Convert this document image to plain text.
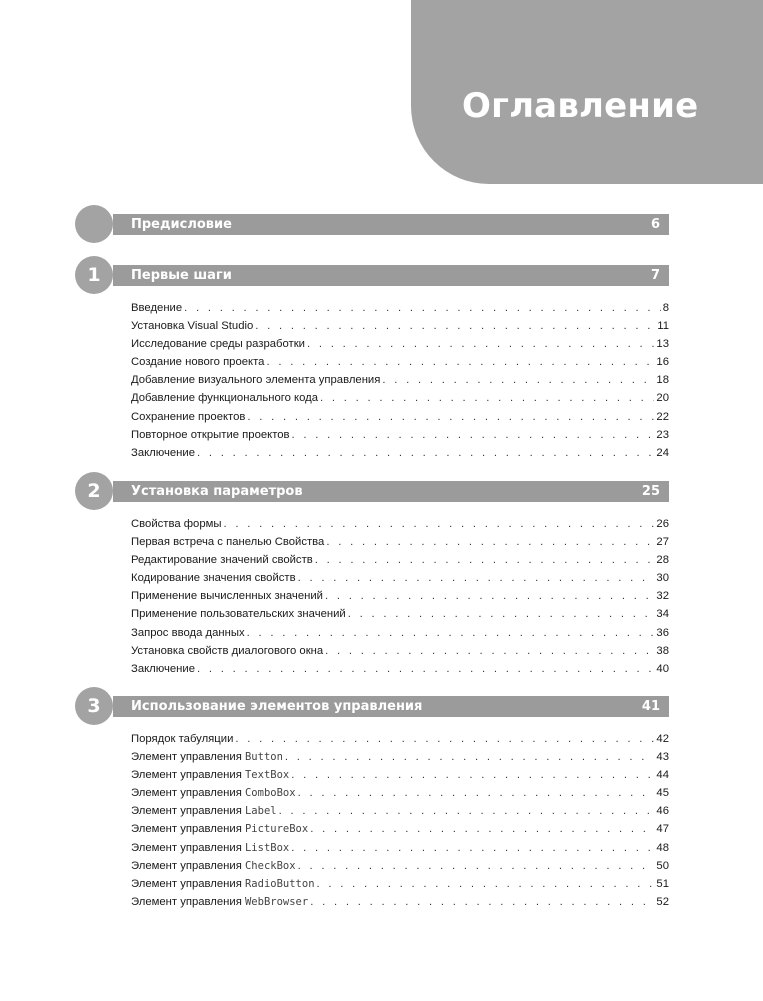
Оглавление
Предисловие	6
1	Первые шаги	7
Введение . . .	8
Установка Visual Studio . . .	11
Исследование среды разработки . . .	13
Создание нового проекта . . .	16
Добавление визуального элемента управления . . .	18
Добавление функционального кода . . .	20
Сохранение проектов . . .	22
Повторное открытие проектов . . .	23
Заключение . . .	24
2	Установка параметров	25
Свойства формы . . .	26
Первая встреча с панелью Свойства . . .	27
Редактирование значений свойств . . .	28
Кодирование значения свойств . . .	30
Применение вычисленных значений . . .	32
Применение пользовательских значений . . .	34
Запрос ввода данных . . .	36
Установка свойств диалогового окна . . .	38
Заключение . . .	40
3	Использование элементов управления	41
Порядок табуляции . . .	42
Элемент управления Button . . .	43
Элемент управления TextBox . . .	44
Элемент управления ComboBox . . .	45
Элемент управления Label . . .	46
Элемент управления PictureBox . . .	47
Элемент управления ListBox . . .	48
Элемент управления CheckBox . . .	50
Элемент управления RadioButton . . .	51
Элемент управления WebBrowser . . .	52
